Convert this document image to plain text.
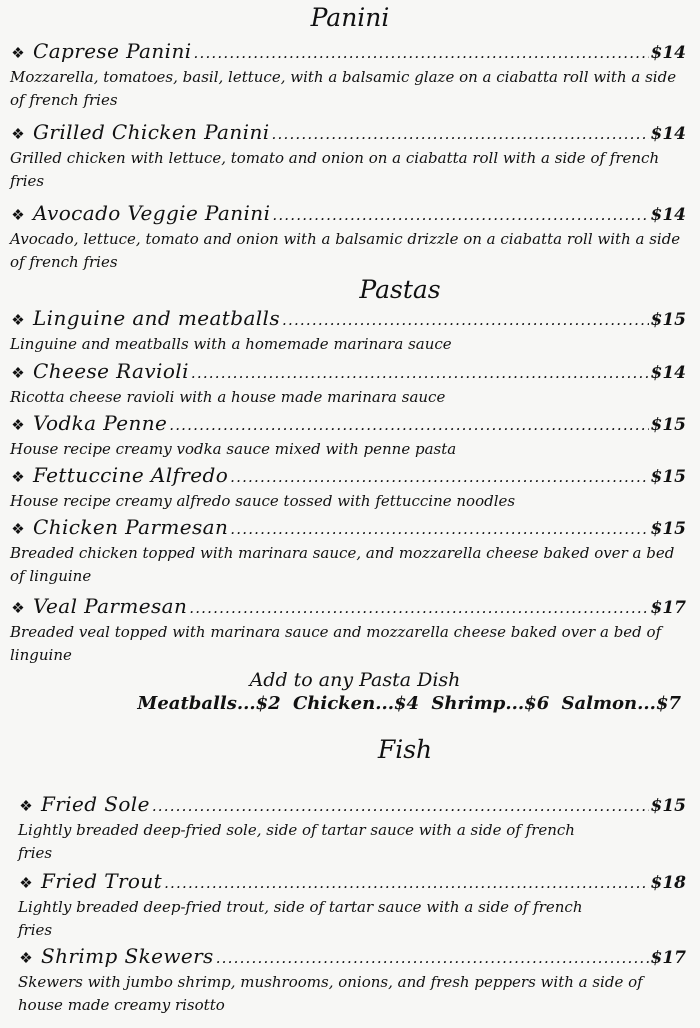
Panini
❖ Caprese Panini .....	$14

Mozzarella, tomatoes, basil, lettuce, with a balsamic glaze on a ciabatta roll with a side of french fries

❖ Grilled Chicken Panini .....	$14

Grilled chicken with lettuce, tomato and onion on a ciabatta roll with a side of french fries

❖ Avocado Veggie Panini .....	$14

Avocado, lettuce, tomato and onion with a balsamic drizzle on a ciabatta roll with a side of french fries

Pastas
❖ Linguine and meatballs .....	$15

Linguine and meatballs with a homemade marinara sauce

❖ Cheese Ravioli .....	$14

Ricotta cheese ravioli with a house made marinara sauce

❖ Vodka Penne .....	$15

House recipe creamy vodka sauce mixed with penne pasta

❖ Fettuccine Alfredo .....	$15

House recipe creamy alfredo sauce tossed with fettuccine noodles

❖ Chicken Parmesan .....	$15

Breaded chicken topped with marinara sauce, and mozzarella cheese baked over a bed of linguine

❖ Veal Parmesan .....	$17

Breaded veal topped with marinara sauce and mozzarella cheese baked over a bed of linguine

Add to any Pasta Dish
Meatballs...$2 Chicken...$4 Shrimp...$6 Salmon...$7
Fish
❖ Fried Sole .....	$15

Lightly breaded deep-fried sole, side of tartar sauce with a side of french fries

❖ Fried Trout .....	$18

Lightly breaded deep-fried trout, side of tartar sauce with a side of french fries

❖ Shrimp Skewers .....	$17

Skewers with jumbo shrimp, mushrooms, onions, and fresh peppers with a side of house made creamy risotto
